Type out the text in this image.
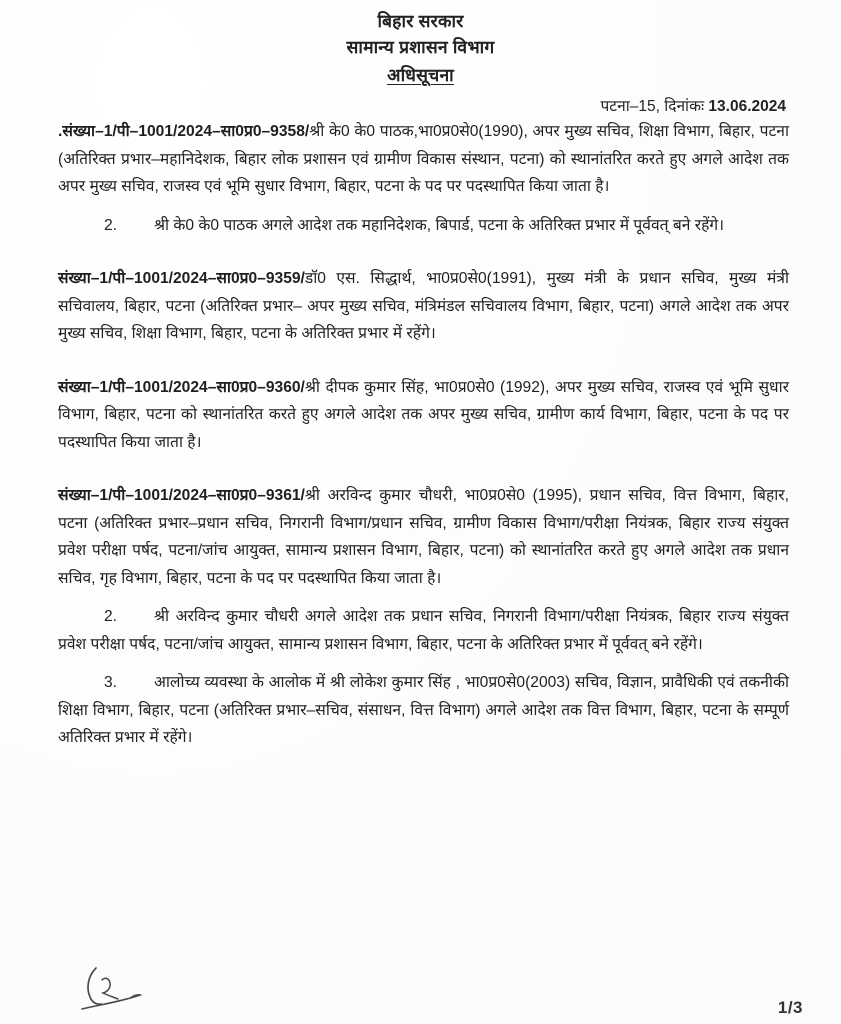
बिहार सरकार
सामान्य प्रशासन विभाग
अधिसूचना
पटना–15, दिनांकः 13.06.2024

.संख्या–1/पी–1001/2024–सा0प्र0–9358/श्री के0 के0 पाठक,भा0प्र0से0(1990), अपर मुख्य सचिव, शिक्षा विभाग, बिहार, पटना (अतिरिक्त प्रभार–महानिदेशक, बिहार लोक प्रशासन एवं ग्रामीण विकास संस्थान, पटना) को स्थानांतरित करते हुए अगले आदेश तक अपर मुख्य सचिव, राजस्व एवं भूमि सुधार विभाग, बिहार, पटना के पद पर पदस्थापित किया जाता है।

2. श्री के0 के0 पाठक अगले आदेश तक महानिदेशक, बिपार्ड, पटना के अतिरिक्त प्रभार में पूर्ववत् बने रहेंगे।

संख्या–1/पी–1001/2024–सा0प्र0–9359/डॉ0 एस. सिद्धार्थ, भा0प्र0से0(1991), मुख्य मंत्री के प्रधान सचिव, मुख्य मंत्री सचिवालय, बिहार, पटना (अतिरिक्त प्रभार– अपर मुख्य सचिव, मंत्रिमंडल सचिवालय विभाग, बिहार, पटना) अगले आदेश तक अपर मुख्य सचिव, शिक्षा विभाग, बिहार, पटना के अतिरिक्त प्रभार में रहेंगे।

संख्या–1/पी–1001/2024–सा0प्र0–9360/श्री दीपक कुमार सिंह, भा0प्र0से0 (1992), अपर मुख्य सचिव, राजस्व एवं भूमि सुधार विभाग, बिहार, पटना को स्थानांतरित करते हुए अगले आदेश तक अपर मुख्य सचिव, ग्रामीण कार्य विभाग, बिहार, पटना के पद पर पदस्थापित किया जाता है।

संख्या–1/पी–1001/2024–सा0प्र0–9361/श्री अरविन्द कुमार चौधरी, भा0प्र0से0 (1995), प्रधान सचिव, वित्त विभाग, बिहार, पटना (अतिरिक्त प्रभार–प्रधान सचिव, निगरानी विभाग/प्रधान सचिव, ग्रामीण विकास विभाग/परीक्षा नियंत्रक, बिहार राज्य संयुक्त प्रवेश परीक्षा पर्षद, पटना/जांच आयुक्त, सामान्य प्रशासन विभाग, बिहार, पटना) को स्थानांतरित करते हुए अगले आदेश तक प्रधान सचिव, गृह विभाग, बिहार, पटना के पद पर पदस्थापित किया जाता है।

2. श्री अरविन्द कुमार चौधरी अगले आदेश तक प्रधान सचिव, निगरानी विभाग/परीक्षा नियंत्रक, बिहार राज्य संयुक्त प्रवेश परीक्षा पर्षद, पटना/जांच आयुक्त, सामान्य प्रशासन विभाग, बिहार, पटना के अतिरिक्त प्रभार में पूर्ववत् बने रहेंगे।

3. आलोच्य व्यवस्था के आलोक में श्री लोकेश कुमार सिंह , भा0प्र0से0(2003) सचिव, विज्ञान, प्रावैधिकी एवं तकनीकी शिक्षा विभाग, बिहार, पटना (अतिरिक्त प्रभार–सचिव, संसाधन, वित्त विभाग) अगले आदेश तक वित्त विभाग, बिहार, पटना के सम्पूर्ण अतिरिक्त प्रभार में रहेंगे।

1/3
